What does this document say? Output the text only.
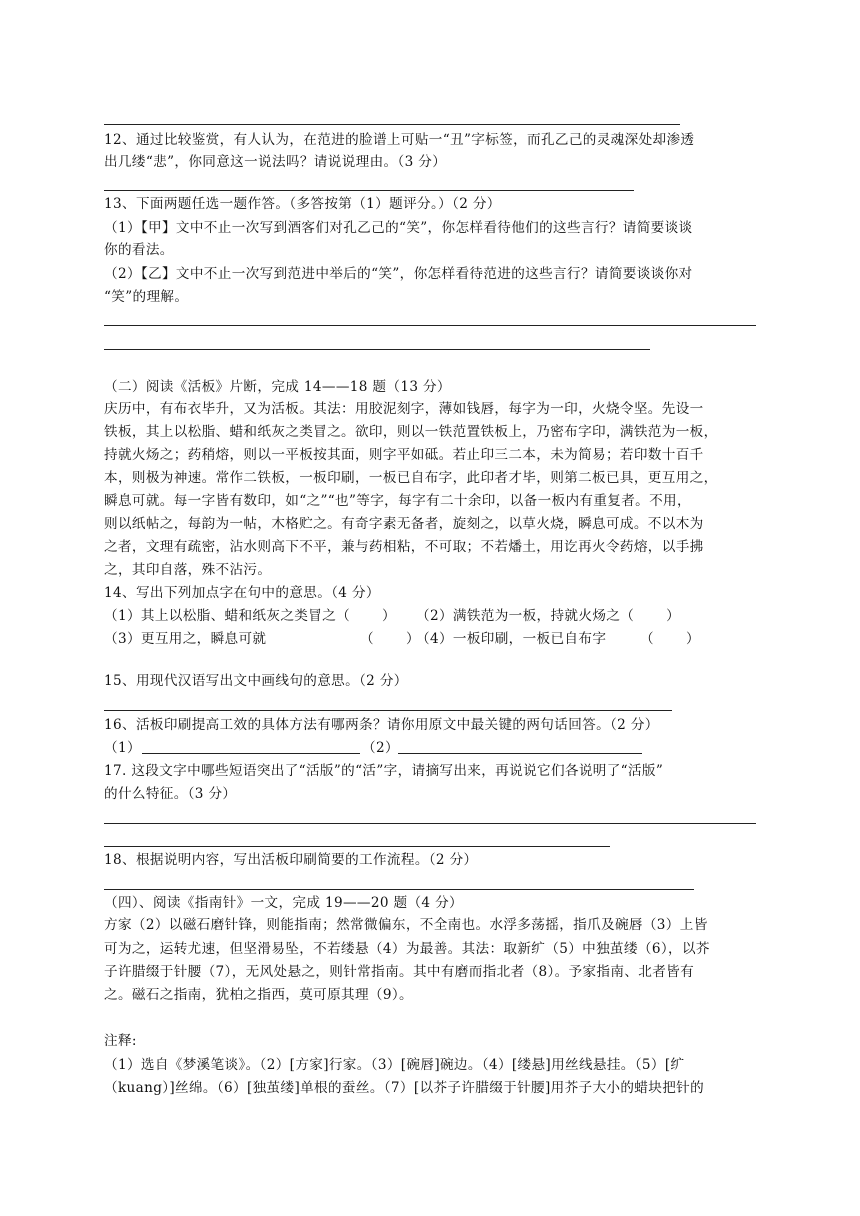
12、通过比较鉴赏，有人认为，在范进的脸谱上可贴一“丑”字标签，而孔乙己的灵魂深处却渗透
出几缕“悲”，你同意这一说法吗？请说说理由。（3 分）
13、下面两题任选一题作答。（多答按第（1）题评分。）（2 分）
（1）【甲】文中不止一次写到酒客们对孔乙己的“笑”，你怎样看待他们的这些言行？请简要谈谈
你的看法。
（2）【乙】文中不止一次写到范进中举后的“笑”，你怎样看待范进的这些言行？请简要谈谈你对
“笑”的理解。
（二）阅读《活板》片断，完成 14——18 题（13 分）
庆历中，有布衣毕升，又为活板。其法：用胶泥刻字，薄如钱唇，每字为一印，火烧令坚。先设一
铁板，其上以松脂、蜡和纸灰之类冒之。欲印，则以一铁范置铁板上，乃密布字印，满铁范为一板，
持就火炀之；药稍熔，则以一平板按其面，则字平如砥。若止印三二本，未为简易；若印数十百千
本，则极为神速。常作二铁板，一板印刷，一板已自布字，此印者才毕，则第二板已具，更互用之，
瞬息可就。每一字皆有数印，如“之”“也”等字，每字有二十余印，以备一板内有重复者。不用，
则以纸帖之，每韵为一帖，木格贮之。有奇字素无备者，旋刻之，以草火烧，瞬息可成。不以木为
之者，文理有疏密，沾水则高下不平，兼与药相粘，不可取；不若燔土，用讫再火令药熔，以手拂
之，其印自落，殊不沾污。
14、写出下列加点字在句中的意思。（4 分）
（1）其上以松脂、蜡和纸灰之类冒之（ ） （2）满铁范为一板，持就火炀之（ ）
（3）更互用之，瞬息可就	（ ）
（4）一板印刷，一板已自布字 （ ）
15、用现代汉语写出文中画线句的意思。（2 分）
16、活板印刷提高工效的具体方法有哪两条？请你用原文中最关键的两句话回答。（2 分）
（1）	（2）
17. 这段文字中哪些短语突出了“活版”的“活”字，请摘写出来，再说说它们各说明了“活版”
的什么特征。（3 分）
18、根据说明内容，写出活板印刷简要的工作流程。（2 分）
（四）、阅读《指南针》一文，完成 19——20 题（4 分）
方家（2）以磁石磨针锋，则能指南；然常微偏东，不全南也。水浮多荡摇，指爪及碗唇（3）上皆
可为之，运转尤速，但坚滑易坠，不若缕悬（4）为最善。其法：取新纩（5）中独茧缕（6），以芥
子许腊缀于针腰（7），无风处悬之，则针常指南。其中有磨而指北者（8）。予家指南、北者皆有
之。磁石之指南，犹柏之指西，莫可原其理（9）。
注释:
（1）选自《梦溪笔谈》。（2）[方家]行家。（3）[碗唇]碗边。（4）[缕悬]用丝线悬挂。（5）[纩
（kuang）]丝绵。（6）[独茧缕]单根的蚕丝。（7）[以芥子许腊缀于针腰]用芥子大小的蜡块把针的
